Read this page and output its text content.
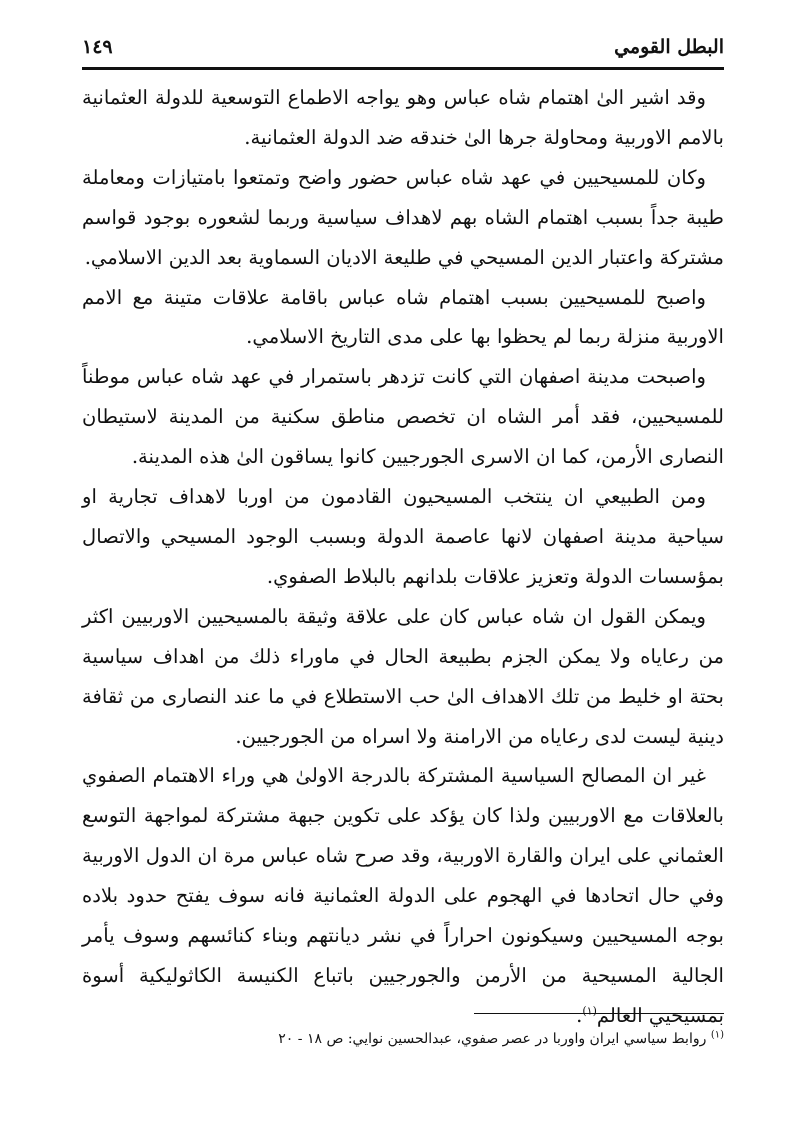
البطل القومي
١٤٩

وقد اشير الىٰ اهتمام شاه عباس وهو يواجه الاطماع التوسعية للدولة العثمانية بالامم الاوربية ومحاولة جرها الىٰ خندقه ضد الدولة العثمانية.

وكان للمسيحيين في عهد شاه عباس حضور واضح وتمتعوا بامتيازات ومعاملة طيبة جداً بسبب اهتمام الشاه بهم لاهداف سياسية وربما لشعوره بوجود قواسم مشتركة واعتبار الدين المسيحي في طليعة الاديان السماوية بعد الدين الاسلامي.

واصبح للمسيحيين بسبب اهتمام شاه عباس باقامة علاقات متينة مع الامم الاوربية منزلة ربما لم يحظوا بها على مدى التاريخ الاسلامي.

واصبحت مدينة اصفهان التي كانت تزدهر باستمرار في عهد شاه عباس موطناً للمسيحيين، فقد أمر الشاه ان تخصص مناطق سكنية من المدينة لاستيطان النصارى الأرمن، كما ان الاسرى الجورجيين كانوا يساقون الىٰ هذه المدينة.

ومن الطبيعي ان ينتخب المسيحيون القادمون من اوربا لاهداف تجارية او سياحية مدينة اصفهان لانها عاصمة الدولة وبسبب الوجود المسيحي والاتصال بمؤسسات الدولة وتعزيز علاقات بلدانهم بالبلاط الصفوي.

ويمكن القول ان شاه عباس كان على علاقة وثيقة بالمسيحيين الاوربيين اكثر من رعاياه ولا يمكن الجزم بطبيعة الحال في ماوراء ذلك من اهداف سياسية بحتة او خليط من تلك الاهداف الىٰ حب الاستطلاع في ما عند النصارى من ثقافة دينية ليست لدى رعاياه من الارامنة ولا اسراه من الجورجيين.

غير ان المصالح السياسية المشتركة بالدرجة الاولىٰ هي وراء الاهتمام الصفوي بالعلاقات مع الاوربيين ولذا كان يؤكد على تكوين جبهة مشتركة لمواجهة التوسع العثماني على ايران والقارة الاوربية، وقد صرح شاه عباس مرة ان الدول الاوربية وفي حال اتحادها في الهجوم على الدولة العثمانية فانه سوف يفتح حدود بلاده بوجه المسيحيين وسيكونون احراراً في نشر ديانتهم وبناء كنائسهم وسوف يأمر الجالية المسيحية من الأرمن والجورجيين باتباع الكنيسة الكاثوليكية أسوة بمسيحيي العالم$^{(١)}$.

$^{(١)}$ روابط سياسي ايران واوربا در عصر صفوي، عبدالحسين نوايي: ص ١٨ - ٢٠
